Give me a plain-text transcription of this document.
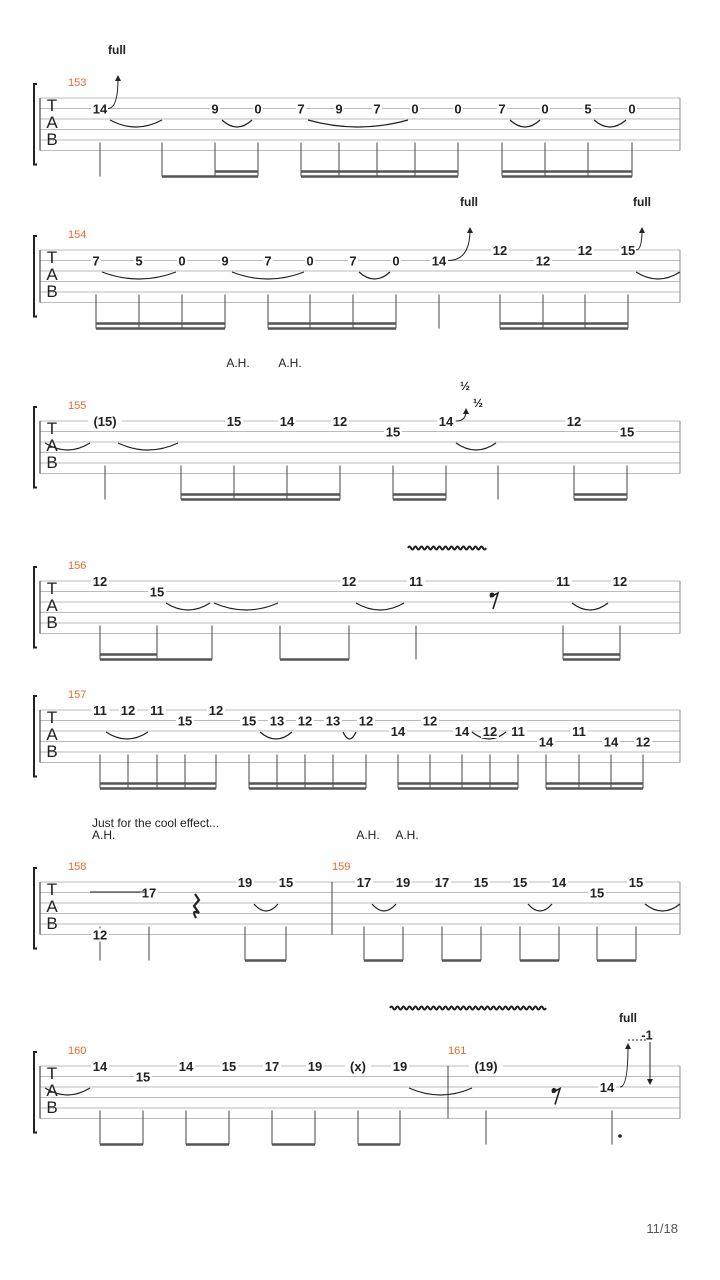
T
A
B
153
14	9	0	7 9 7 0	0	7	0	5	0
full
T
A
B
154
7	5	0	9	7	0	7	0 14
12
12
12 15
full	full
T
A
B
155
(15)	15	14	12
15
14	12
15
A.H. A.H.
½
½
T
A
B
156
12
15
12	11	11	12
T
A
B
157
11 12 11
15
12
15 13 12 13 12
14
12
14 12 11
14
11
14 12
T
A
B
158	159
12
17
19 15	17 19 17 15 15 14
15
15
Just for the cool effect...
A.H.	A.H. A.H.
T
A
B
160	161
14
15
14 15 17 19 (x) 19	(19)
14
-1
full
11/18
